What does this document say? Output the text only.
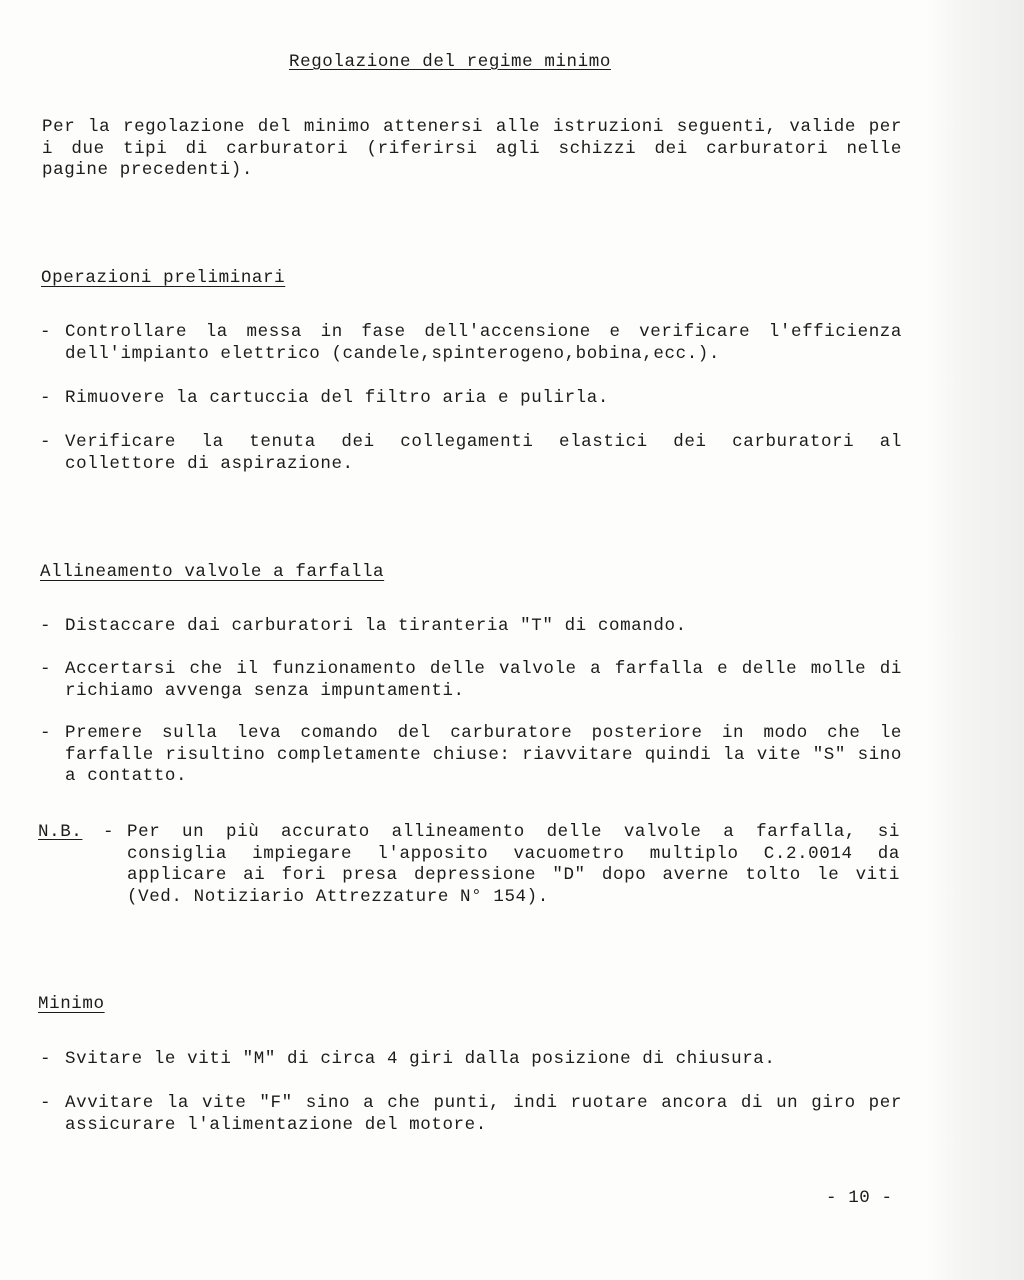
Regolazione del regime minimo
Per la regolazione del minimo attenersi alle istruzioni seguenti, valide per i due tipi di carburatori (riferirsi agli schizzi dei carburatori nelle pagine precedenti).
Operazioni preliminari
- Controllare la messa in fase dell'accensione e verificare l'efficienza dell'impianto elettrico (candele,spinterogeno,bobina,ecc.).
- Rimuovere la cartuccia del filtro aria e pulirla.
- Verificare la tenuta dei collegamenti elastici dei carburatori al collettore di aspirazione.
Allineamento valvole a farfalla
- Distaccare dai carburatori la tiranteria "T" di comando.
- Accertarsi che il funzionamento delle valvole a farfalla e delle molle di richiamo avvenga senza impuntamenti.
- Premere sulla leva comando del carburatore posteriore in modo che le farfalle risultino completamente chiuse: riavvitare quindi la vite "S" sino a contatto.
N.B. - Per un più accurato allineamento delle valvole a farfalla, si consiglia impiegare l'apposito vacuometro multiplo C.2.0014 da applicare ai fori presa depressione "D" dopo averne tolto le viti (Ved. Notiziario Attrezzature N° 154).
Minimo
- Svitare le viti "M" di circa 4 giri dalla posizione di chiusura.
- Avvitare la vite "F" sino a che punti, indi ruotare ancora di un giro per assicurare l'alimentazione del motore.
- 10 -
